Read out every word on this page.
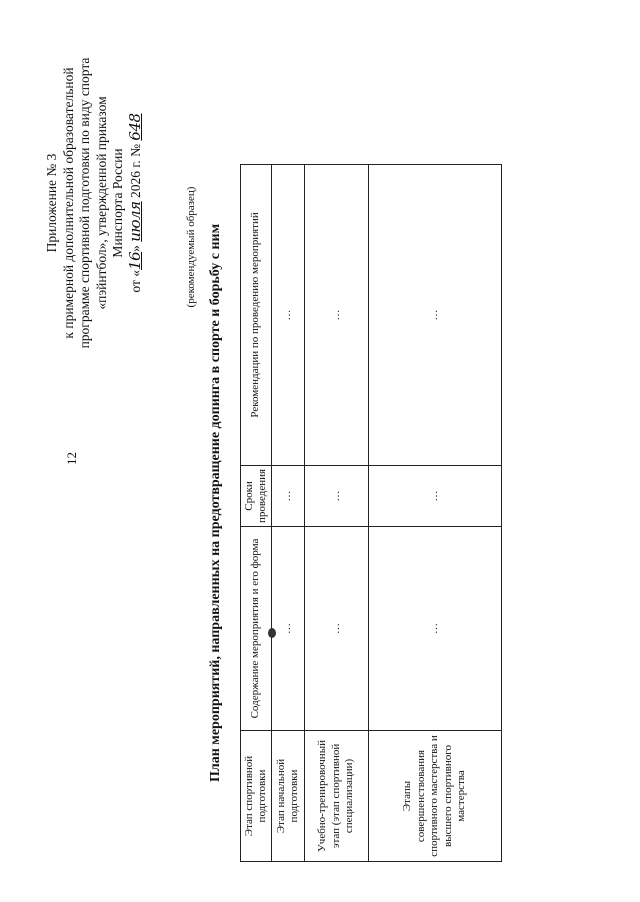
12
Приложение № 3 к примерной дополнительной образовательной программе спортивной подготовки по виду спорта «пэйнтбол», утвержденной приказом Минспорта России
от «16» июля 2026 г. № 648
(рекомендуемый образец) План мероприятий, направленных на предотвращение допинга в спорте и борьбу с ним
Этап спортивной подготовки	Содержание мероприятия и его форма	Сроки проведения	Рекомендации по проведению мероприятий
Этап начальной подготовки	…	…	…
Учебно-тренировочный этап (этап спортивной специализации)	…	…	…
Этапы совершенствования спортивного мастерства и высшего спортивного мастерства	…	…	…
